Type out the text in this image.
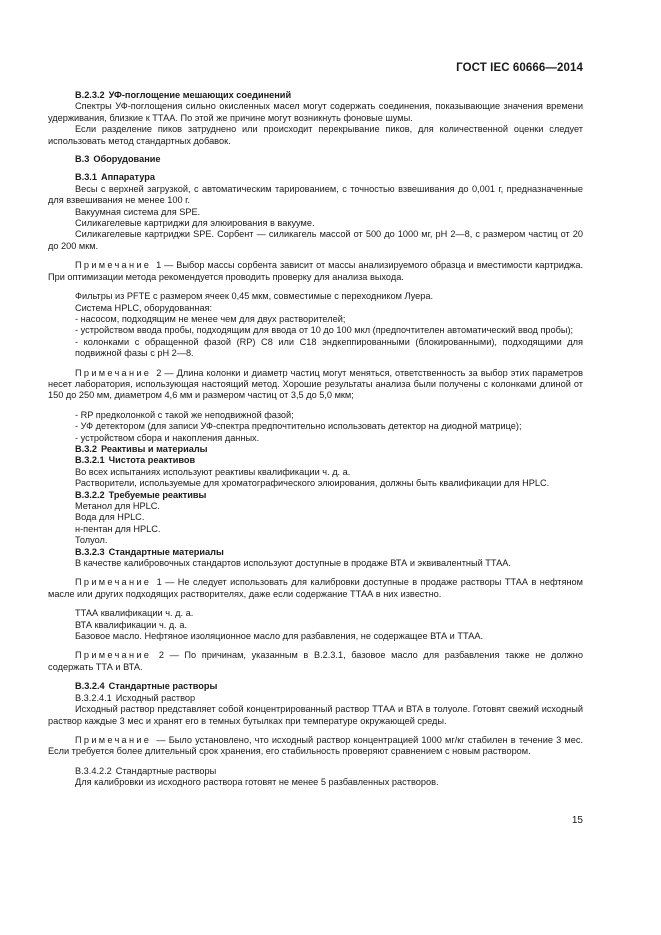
ГОСТ IEC 60666—2014

В.2.3.2 УФ-поглощение мешающих соединений

Спектры УФ-поглощения сильно окисленных масел могут содержать соединения, показывающие значения времени удерживания, близкие к ТТАА. По этой же причине могут возникнуть фоновые шумы.

Если разделение пиков затруднено или происходит перекрывание пиков, для количественной оценки следует использовать метод стандартных добавок.

В.3 Оборудование

В.3.1 Аппаратура

Весы с верхней загрузкой, с автоматическим тарированием, с точностью взвешивания до 0,001 г, предназначенные для взвешивания не менее 100 г.

Вакуумная система для SPE.

Силикагелевые картриджи для элюирования в вакууме.

Силикагелевые картриджи SPE. Сорбент — силикагель массой от 500 до 1000 мг, рН 2—8, с размером частиц от 20 до 200 мкм.

Примечание 1 — Выбор массы сорбента зависит от массы анализируемого образца и вместимости картриджа. При оптимизации метода рекомендуется проводить проверку для анализа выхода.

Фильтры из PFTE с размером ячеек 0,45 мкм, совместимые с переходником Луера.

Система HPLC, оборудованная:

- насосом, подходящим не менее чем для двух растворителей;

- устройством ввода пробы, подходящим для ввода от 10 до 100 мкл (предпочтителен автоматический ввод пробы);

- колонками с обращенной фазой (RP) С8 или С18 эндкеппированными (блокированными), подходящими для подвижной фазы с рН 2—8.

Примечание 2 — Длина колонки и диаметр частиц могут меняться, ответственность за выбор этих параметров несет лаборатория, использующая настоящий метод. Хорошие результаты анализа были получены с колонками длиной от 150 до 250 мм, диаметром 4,6 мм и размером частиц от 3,5 до 5,0 мкм;

- RP предколонкой с такой же неподвижной фазой;

- УФ детектором (для записи УФ-спектра предпочтительно использовать детектор на диодной матрице);

- устройством сбора и накопления данных.

В.3.2 Реактивы и материалы

В.3.2.1 Чистота реактивов

Во всех испытаниях используют реактивы квалификации ч. д. а.

Растворители, используемые для хроматографического элюирования, должны быть квалификации для HPLC.

В.3.2.2 Требуемые реактивы

Метанол для HPLC.

Вода для HPLC.

н-пентан для HPLC.

Толуол.

В.3.2.3 Стандартные материалы

В качестве калибровочных стандартов используют доступные в продаже ВТА и эквивалентный ТТАА.

Примечание 1 — Не следует использовать для калибровки доступные в продаже растворы ТТАА в нефтяном масле или других подходящих растворителях, даже если содержание ТТАА в них известно.

ТТАА квалификации ч. д. а.

ВТА квалификации ч. д. а.

Базовое масло. Нефтяное изоляционное масло для разбавления, не содержащее ВТА и ТТАА.

Примечание 2 — По причинам, указанным в В.2.3.1, базовое масло для разбавления также не должно содержать ТТА и ВТА.

В.3.2.4 Стандартные растворы

В.3.2.4.1 Исходный раствор

Исходный раствор представляет собой концентрированный раствор ТТАА и ВТА в толуоле. Готовят свежий исходный раствор каждые 3 мес и хранят его в темных бутылках при температуре окружающей среды.

Примечание — Было установлено, что исходный раствор концентрацией 1000 мг/кг стабилен в течение 3 мес. Если требуется более длительный срок хранения, его стабильность проверяют сравнением с новым раствором.

В.3.4.2.2 Стандартные растворы

Для калибровки из исходного раствора готовят не менее 5 разбавленных растворов.

15
